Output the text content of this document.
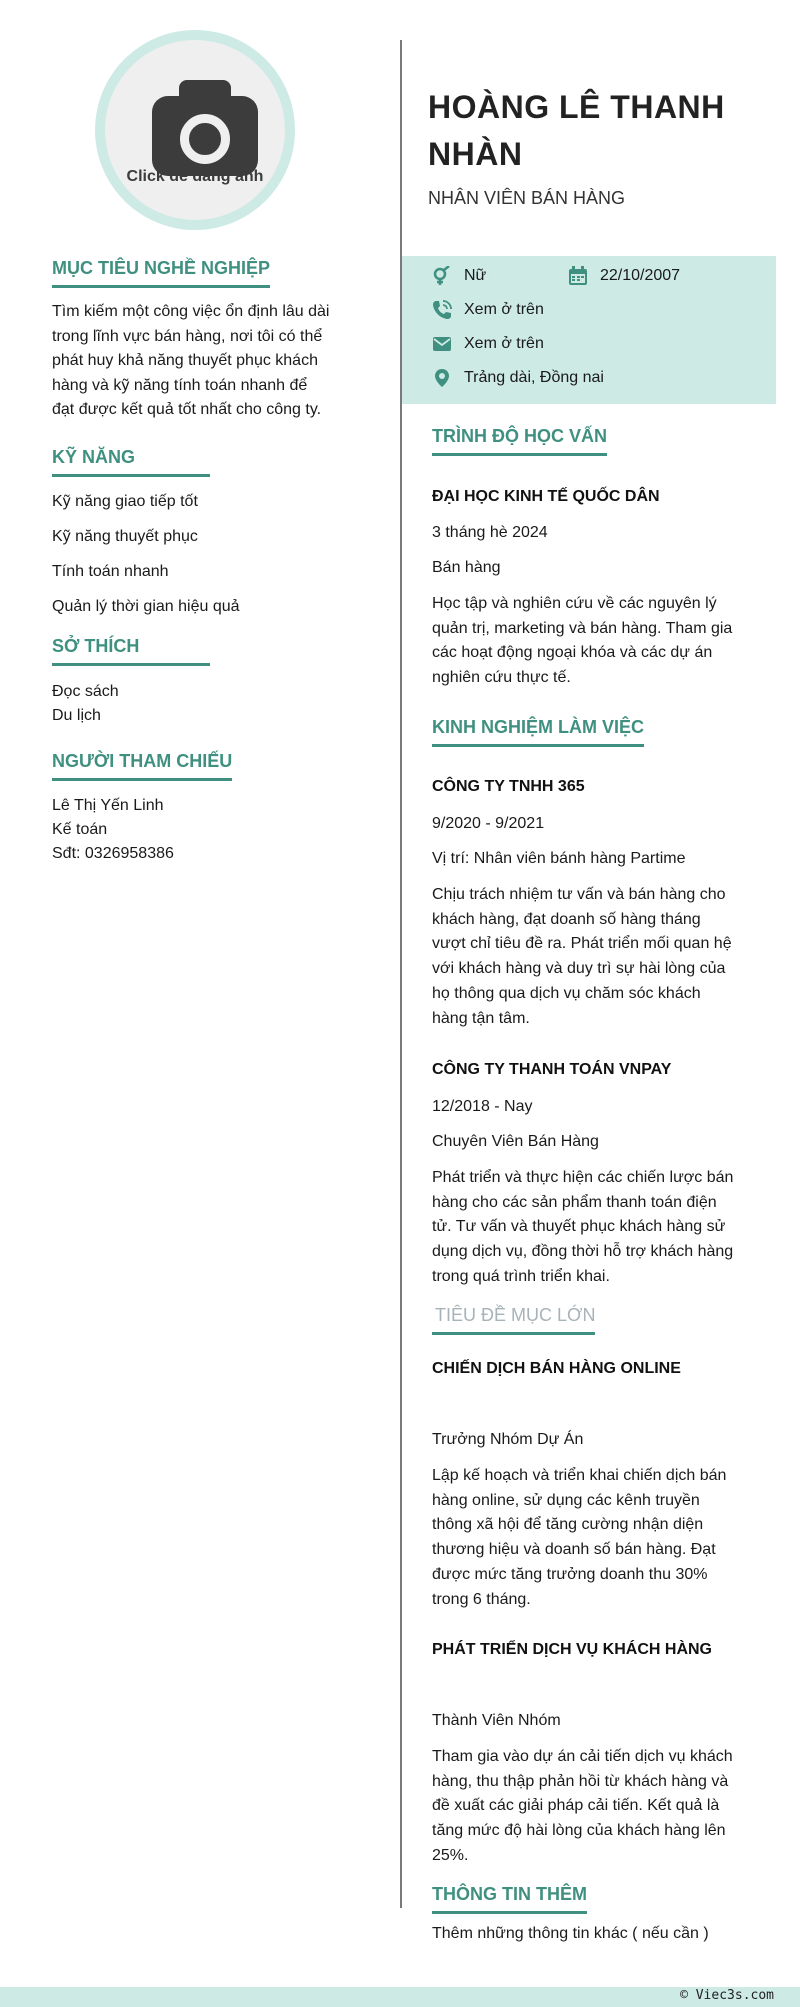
Click để đăng ảnh
MỤC TIÊU NGHỀ NGHIỆP
Tìm kiếm một công việc ổn định lâu dài
trong lĩnh vực bán hàng, nơi tôi có thể
phát huy khả năng thuyết phục khách
hàng và kỹ năng tính toán nhanh để
đạt được kết quả tốt nhất cho công ty.
KỸ NĂNG
Kỹ năng giao tiếp tốt
Kỹ năng thuyết phục
Tính toán nhanh
Quản lý thời gian hiệu quả
SỞ THÍCH
Đọc sách
Du lịch
NGƯỜI THAM CHIẾU
Lê Thị Yến Linh
Kế toán
Sđt: 0326958386
HOÀNG LÊ THANH NHÀN
NHÂN VIÊN BÁN HÀNG
Nữ	22/10/2007
Xem ở trên
Xem ở trên
Trảng dài, Đồng nai
TRÌNH ĐỘ HỌC VẤN
ĐẠI HỌC KINH TẾ QUỐC DÂN
3 tháng hè 2024
Bán hàng
Học tập và nghiên cứu về các nguyên lý
quản trị, marketing và bán hàng. Tham gia
các hoạt động ngoại khóa và các dự án
nghiên cứu thực tế.
KINH NGHIỆM LÀM VIỆC
CÔNG TY TNHH 365
9/2020 - 9/2021
Vị trí: Nhân viên bánh hàng Partime
Chịu trách nhiệm tư vấn và bán hàng cho
khách hàng, đạt doanh số hàng tháng
vượt chỉ tiêu đề ra. Phát triển mối quan hệ
với khách hàng và duy trì sự hài lòng của
họ thông qua dịch vụ chăm sóc khách
hàng tận tâm.
CÔNG TY THANH TOÁN VNPAY
12/2018 - Nay
Chuyên Viên Bán Hàng
Phát triển và thực hiện các chiến lược bán
hàng cho các sản phẩm thanh toán điện
tử. Tư vấn và thuyết phục khách hàng sử
dụng dịch vụ, đồng thời hỗ trợ khách hàng
trong quá trình triển khai.
TIÊU ĐỀ MỤC LỚN
CHIẾN DỊCH BÁN HÀNG ONLINE
Trưởng Nhóm Dự Án
Lập kế hoạch và triển khai chiến dịch bán
hàng online, sử dụng các kênh truyền
thông xã hội để tăng cường nhận diện
thương hiệu và doanh số bán hàng. Đạt
được mức tăng trưởng doanh thu 30%
trong 6 tháng.
PHÁT TRIỂN DỊCH VỤ KHÁCH HÀNG
Thành Viên Nhóm
Tham gia vào dự án cải tiến dịch vụ khách
hàng, thu thập phản hồi từ khách hàng và
đề xuất các giải pháp cải tiến. Kết quả là
tăng mức độ hài lòng của khách hàng lên
25%.
THÔNG TIN THÊM
Thêm những thông tin khác ( nếu cần )
© Viec3s.com
